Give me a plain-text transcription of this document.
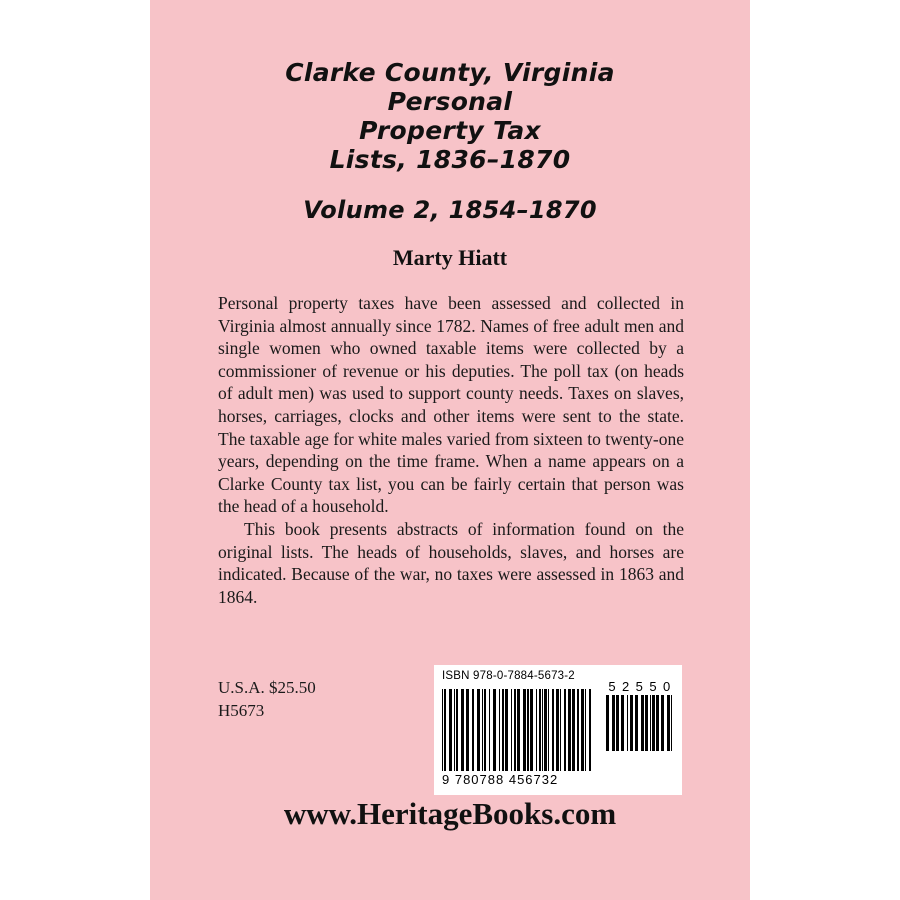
Clarke County, Virginia
Personal
Property Tax
Lists, 1836–1870
Volume 2, 1854–1870
Marty Hiatt

Personal property taxes have been assessed and collected in Virginia almost annually since 1782. Names of free adult men and single women who owned taxable items were collected by a commissioner of revenue or his deputies. The poll tax (on heads of adult men) was used to support county needs. Taxes on slaves, horses, carriages, clocks and other items were sent to the state. The taxable age for white males varied from sixteen to twenty-one years, depending on the time frame. When a name appears on a Clarke County tax list, you can be fairly certain that person was the head of a household.

This book presents abstracts of information found on the original lists. The heads of households, slaves, and horses are indicated. Because of the war, no taxes were assessed in 1863 and 1864.

U.S.A. $25.50
H5673
ISBN 978-0-7884-5673-2
9 780788 456732
5 2 5 5 0
www.HeritageBooks.com
